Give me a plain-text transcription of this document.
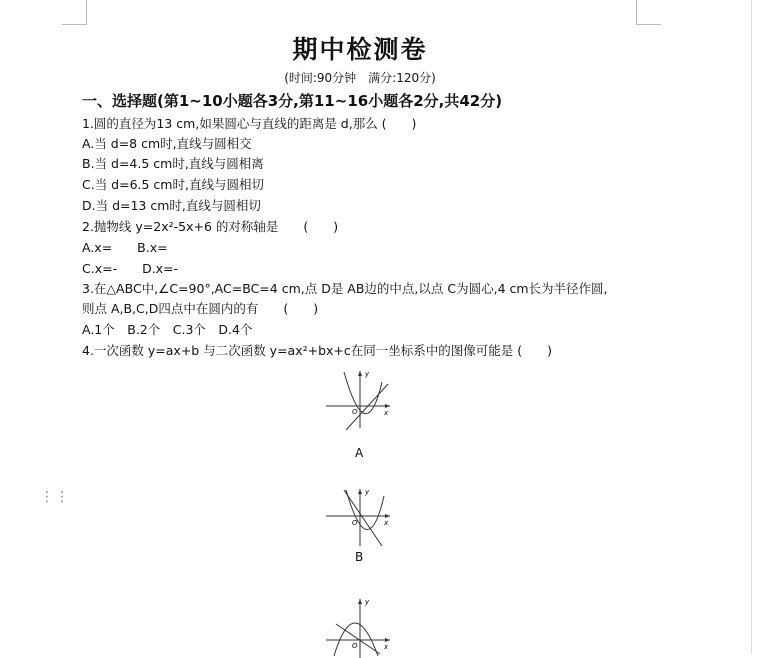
⋮⋮
期中检测卷
(时间:90分钟　满分:120分)
一、选择题(第1~10小题各3分,第11~16小题各2分,共42分)
1.圆的直径为13 cm,如果圆心与直线的距离是 d,那么 (　　)
A.当 d=8 cm时,直线与圆相交
B.当 d=4.5 cm时,直线与圆相离
C.当 d=6.5 cm时,直线与圆相切
D.当 d=13 cm时,直线与圆相切
2.抛物线 y=2x²-5x+6 的对称轴是　　(　　)
A.x=　　B.x=
C.x=-　　D.x=-
3.在△ABC中,∠C=90°,AC=BC=4 cm,点 D是 AB边的中点,以点 C为圆心,4 cm长为半径作圆,
则点 A,B,C,D四点中在圆内的有　　(　　)
A.1个　B.2个　C.3个　D.4个
4.一次函数 y=ax+b 与二次函数 y=ax²+bx+c在同一坐标系中的图像可能是 (　　)
y
x
O
A
y
x
O
B
y
x
O
